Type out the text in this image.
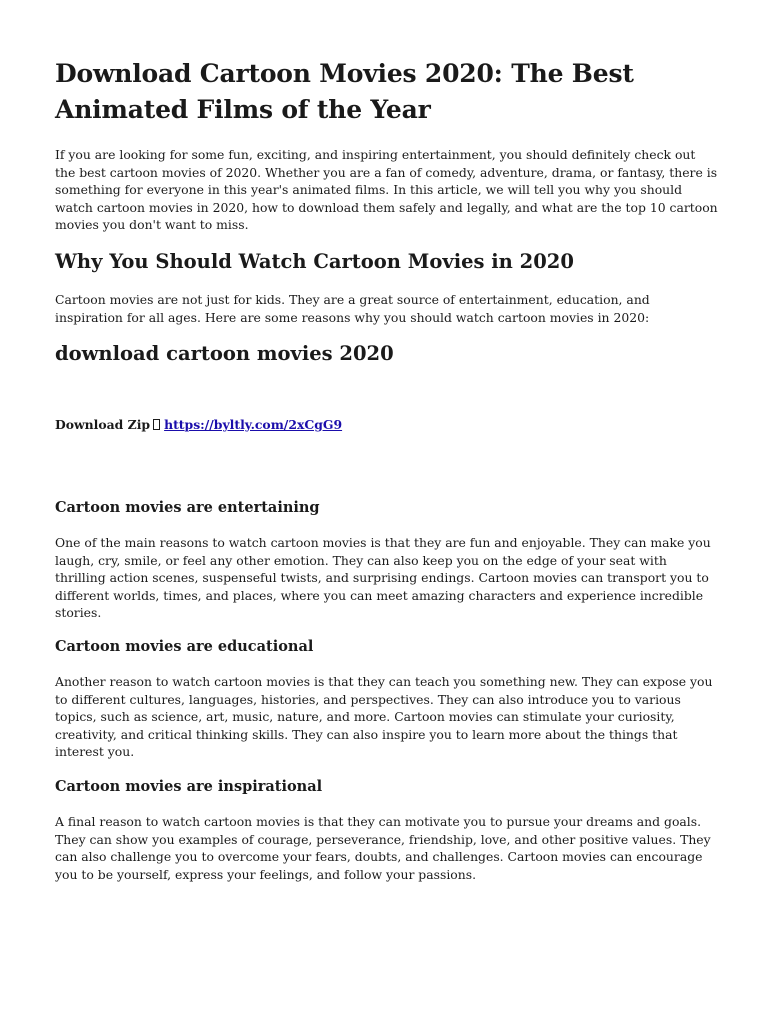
Download Cartoon Movies 2020: The Best Animated Films of the Year

If you are looking for some fun, exciting, and inspiring entertainment, you should definitely check out the best cartoon movies of 2020. Whether you are a fan of comedy, adventure, drama, or fantasy, there is something for everyone in this year's animated films. In this article, we will tell you why you should watch cartoon movies in 2020, how to download them safely and legally, and what are the top 10 cartoon movies you don't want to miss.

Why You Should Watch Cartoon Movies in 2020

Cartoon movies are not just for kids. They are a great source of entertainment, education, and inspiration for all ages. Here are some reasons why you should watch cartoon movies in 2020:

download cartoon movies 2020
Download Zip https://byltly.com/2xCgG9
Cartoon movies are entertaining

One of the main reasons to watch cartoon movies is that they are fun and enjoyable. They can make you laugh, cry, smile, or feel any other emotion. They can also keep you on the edge of your seat with thrilling action scenes, suspenseful twists, and surprising endings. Cartoon movies can transport you to different worlds, times, and places, where you can meet amazing characters and experience incredible stories.

Cartoon movies are educational

Another reason to watch cartoon movies is that they can teach you something new. They can expose you to different cultures, languages, histories, and perspectives. They can also introduce you to various topics, such as science, art, music, nature, and more. Cartoon movies can stimulate your curiosity, creativity, and critical thinking skills. They can also inspire you to learn more about the things that interest you.

Cartoon movies are inspirational

A final reason to watch cartoon movies is that they can motivate you to pursue your dreams and goals. They can show you examples of courage, perseverance, friendship, love, and other positive values. They can also challenge you to overcome your fears, doubts, and challenges. Cartoon movies can encourage you to be yourself, express your feelings, and follow your passions.
